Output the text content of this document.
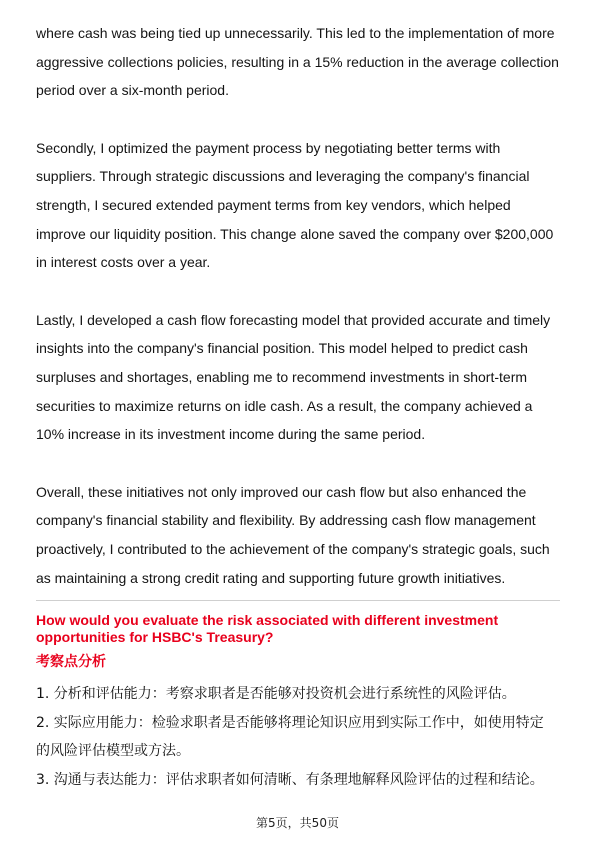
where cash was being tied up unnecessarily. This led to the implementation of more aggressive collections policies, resulting in a 15% reduction in the average collection period over a six-month period.

Secondly, I optimized the payment process by negotiating better terms with suppliers. Through strategic discussions and leveraging the company's financial strength, I secured extended payment terms from key vendors, which helped improve our liquidity position. This change alone saved the company over $200,000 in interest costs over a year.

Lastly, I developed a cash flow forecasting model that provided accurate and timely insights into the company's financial position. This model helped to predict cash surpluses and shortages, enabling me to recommend investments in short-term securities to maximize returns on idle cash. As a result, the company achieved a 10% increase in its investment income during the same period.

Overall, these initiatives not only improved our cash flow but also enhanced the company's financial stability and flexibility. By addressing cash flow management proactively, I contributed to the achievement of the company's strategic goals, such as maintaining a strong credit rating and supporting future growth initiatives.

How would you evaluate the risk associated with different investment opportunities for HSBC's Treasury?

考察点分析

1. 分析和评估能力：考察求职者是否能够对投资机会进行系统性的风险评估。

2. 实际应用能力：检验求职者是否能够将理论知识应用到实际工作中，如使用特定

的风险评估模型或方法。

3. 沟通与表达能力：评估求职者如何清晰、有条理地解释风险评估的过程和结论。

第5页，共50页
